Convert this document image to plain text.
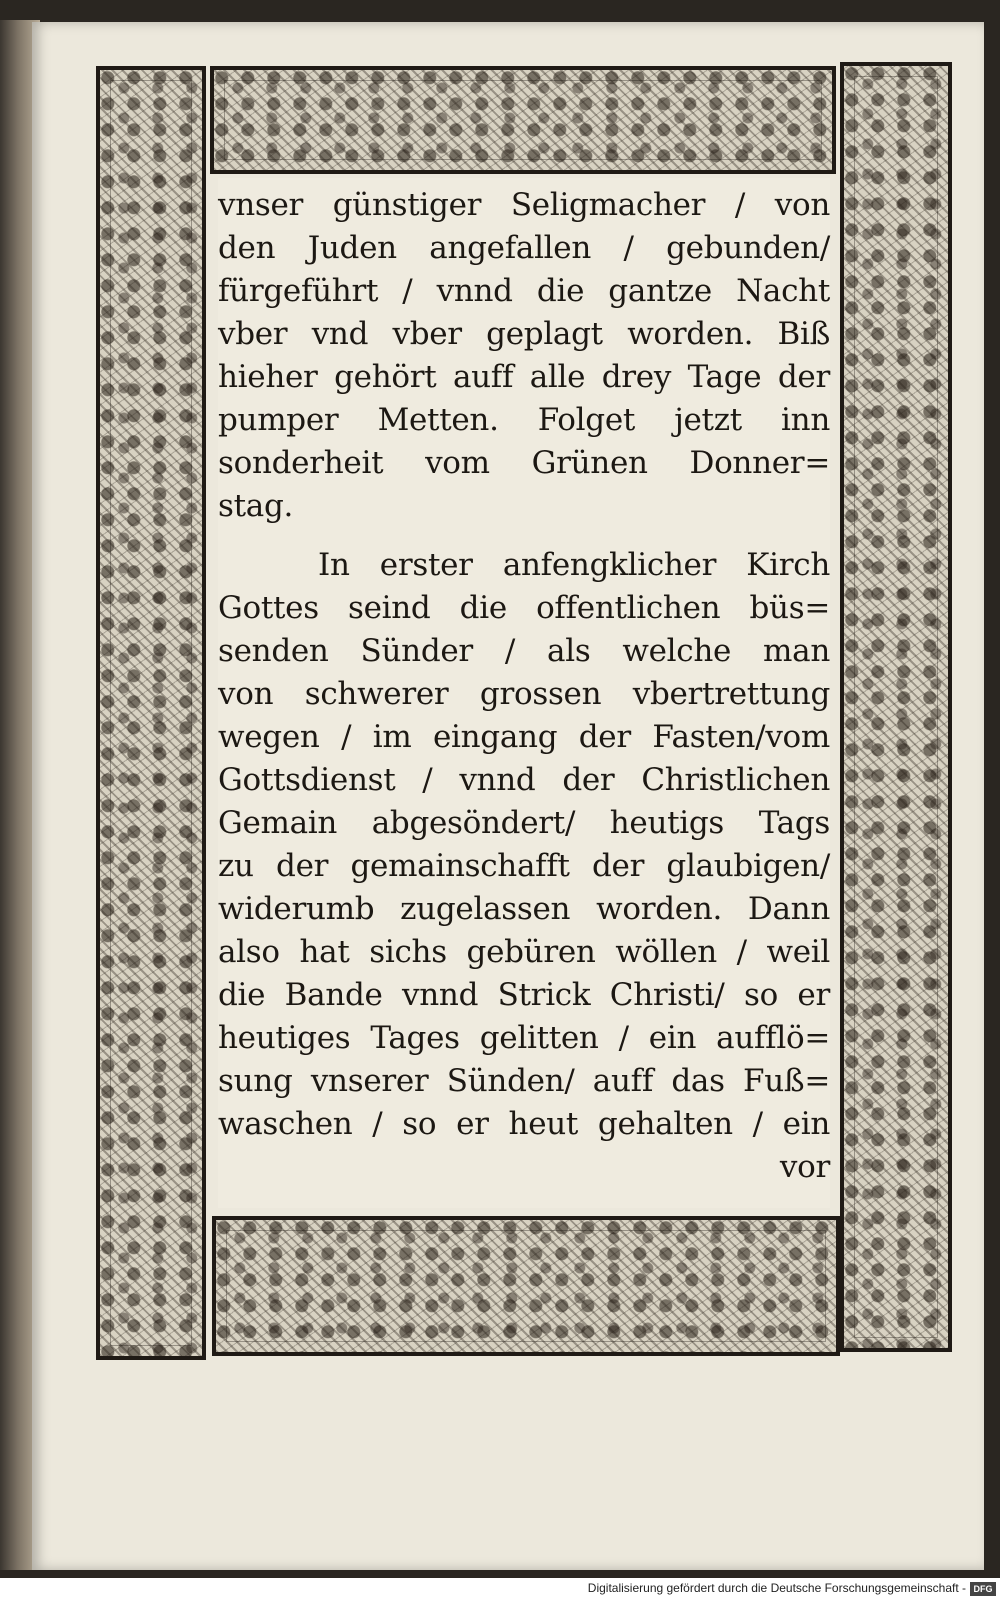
vnser günstiger Seligmacher / von
den Juden angefallen / gebunden/
fürgeführt / vnnd die gantze Nacht
vber vnd vber geplagt worden. Biß
hieher gehört auff alle drey Tage der
pumper Metten. Folget jetzt inn
sonderheit vom Grünen Donner=
stag.
In erster anfengklicher Kirch
Gottes seind die offentlichen büs=
senden Sünder / als welche man
von schwerer grossen vbertrettung
wegen / im eingang der Fasten/vom
Gottsdienst / vnnd der Christlichen
Gemain abgesöndert/ heutigs Tags
zu der gemainschafft der glaubigen/
widerumb zugelassen worden. Dann
also hat sichs gebüren wöllen / weil
die Bande vnnd Strick Christi/ so er
heutiges Tages gelitten / ein aufflö=
sung vnserer Sünden/ auff das Fuß=
waschen / so er heut gehalten / ein
vor
Digitalisierung gefördert durch die Deutsche Forschungsgemeinschaft - DFG
